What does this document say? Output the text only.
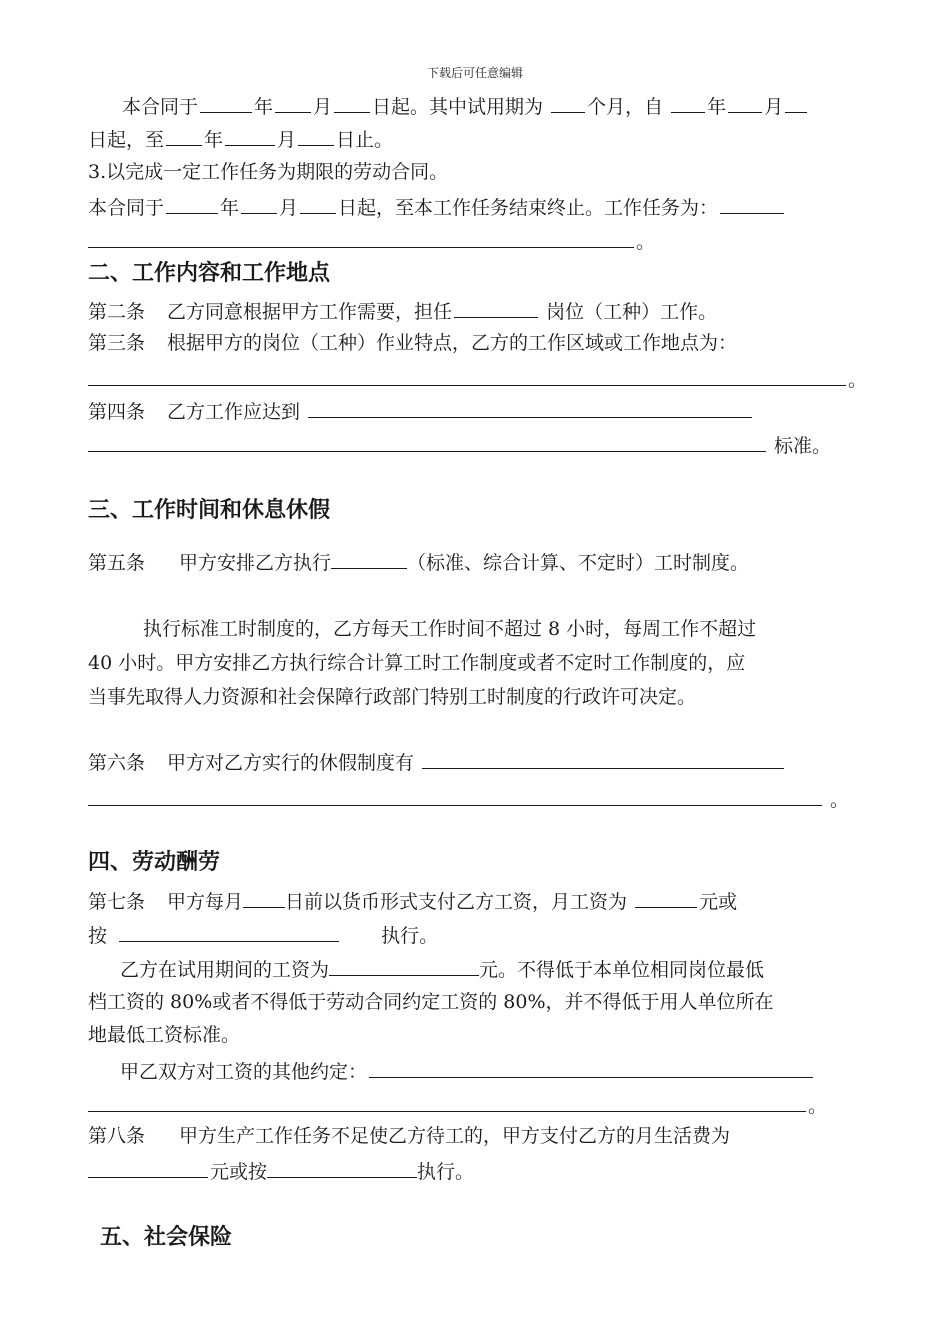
下载后可任意编辑
本合同于	年 月 日起。其中试用期为 个月，自 年 月
日起，至 年	月 日止。
3.以完成一定工作任务为期限的劳动合同。
本合同于	年 月 日起，至本工作任务结束终止。工作任务为：
。
二、工作内容和工作地点
第二条 乙方同意根据甲方工作需要，担任	岗位（工种）工作。
第三条 根据甲方的岗位（工种）作业特点，乙方的工作区域或工作地点为：
。
第四条 乙方工作应达到
标准。
三、工作时间和休息休假
第五条 甲方安排乙方执行	（标准、综合计算、不定时）工时制度。
执行标准工时制度的，乙方每天工作时间不超过 8 小时，每周工作不超过
40 小时。甲方安排乙方执行综合计算工时工作制度或者不定时工作制度的，应
当事先取得人力资源和社会保障行政部门特别工时制度的行政许可决定。
第六条 甲方对乙方实行的休假制度有
。
四、劳动酬劳
第七条 甲方每月 日前以货币形式支付乙方工资，月工资为	元或
按	执行。
乙方在试用期间的工资为	元。不得低于本单位相同岗位最低
档工资的 80%或者不得低于劳动合同约定工资的 80%，并不得低于用人单位所在
地最低工资标准。
甲乙双方对工资的其他约定：
。
第八条 甲方生产工作任务不足使乙方待工的，甲方支付乙方的月生活费为
元或按	执行。
五、社会保险
